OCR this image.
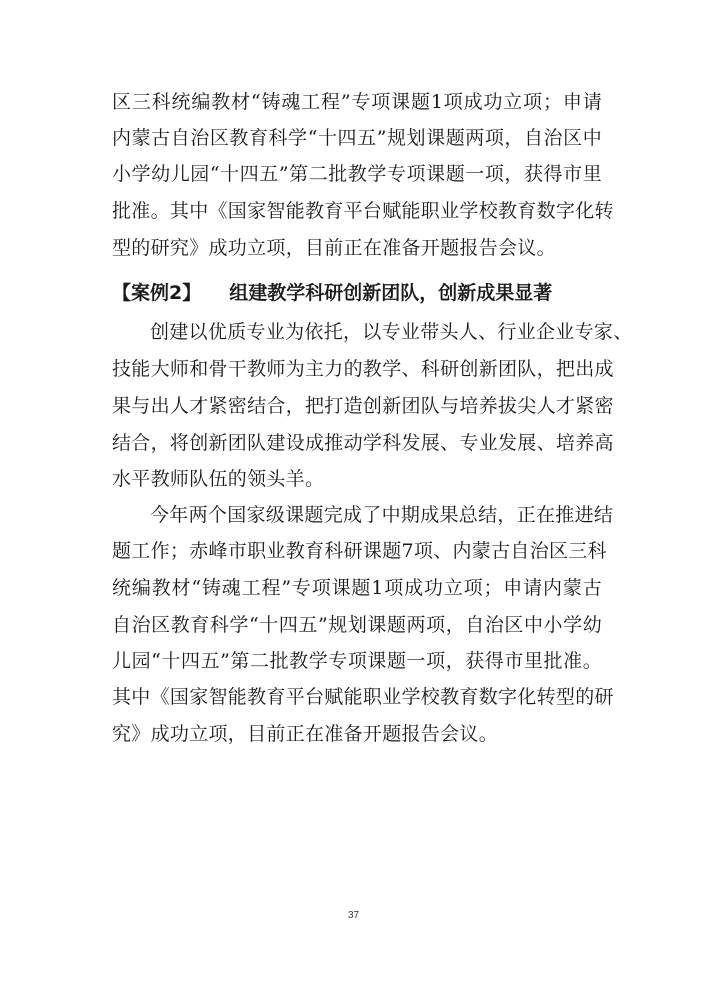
区三科统编教材“铸魂工程”专项课题1项成功立项；申请
内蒙古自治区教育科学“十四五”规划课题两项，自治区中
小学幼儿园“十四五”第二批教学专项课题一项，获得市里
批准。其中《国家智能教育平台赋能职业学校教育数字化转
型的研究》成功立项，目前正在准备开题报告会议。
【案例2】 组建教学科研创新团队，创新成果显著
创建以优质专业为依托，以专业带头人、行业企业专家、
技能大师和骨干教师为主力的教学、科研创新团队，把出成
果与出人才紧密结合，把打造创新团队与培养拔尖人才紧密
结合，将创新团队建设成推动学科发展、专业发展、培养高
水平教师队伍的领头羊。
今年两个国家级课题完成了中期成果总结，正在推进结
题工作；赤峰市职业教育科研课题7项、内蒙古自治区三科
统编教材“铸魂工程”专项课题1项成功立项；申请内蒙古
自治区教育科学“十四五”规划课题两项，自治区中小学幼
儿园“十四五”第二批教学专项课题一项，获得市里批准。
其中《国家智能教育平台赋能职业学校教育数字化转型的研
究》成功立项，目前正在准备开题报告会议。
37
